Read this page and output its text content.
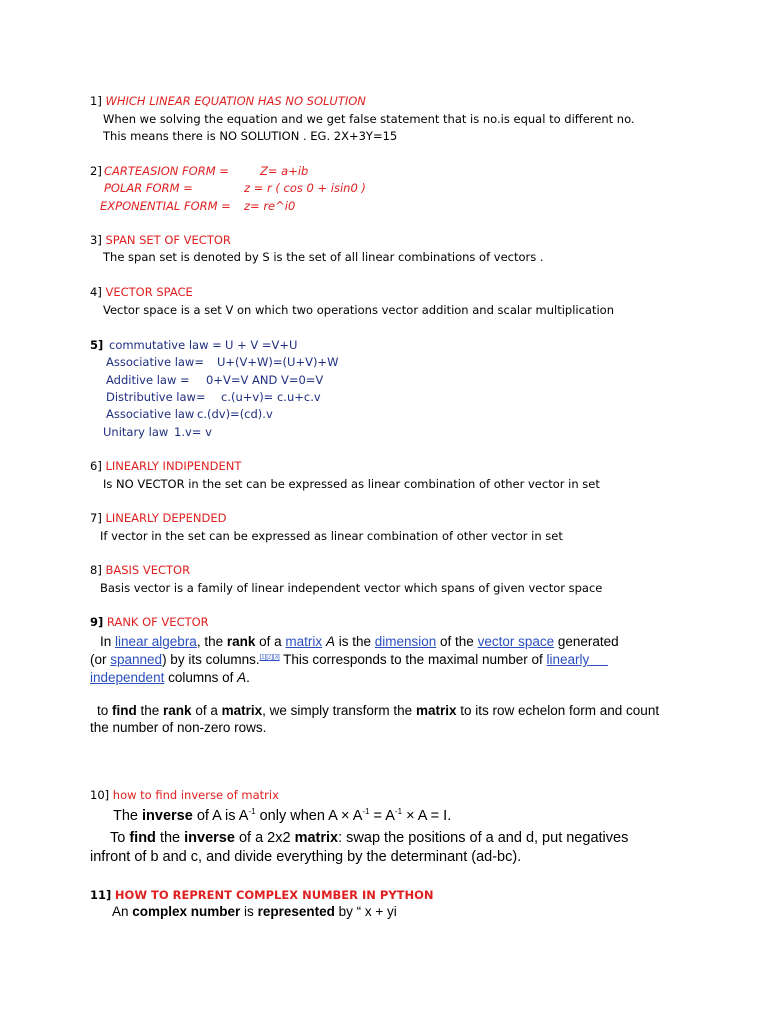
1] WHICH LINEAR EQUATION HAS NO SOLUTION
When we solving the equation and we get false statement that is no.is equal to different no.
This means there is NO SOLUTION . EG. 2X+3Y=15
2] CARTEASION FORM =	Z= a+ib
POLAR FORM =	z = r ( cos 0 + isin0 )
EXPONENTIAL FORM = z= re^i0
3] SPAN SET OF VECTOR
The span set is denoted by S is the set of all linear combinations of vectors .
4] VECTOR SPACE
Vector space is a set V on which two operations vector addition and scalar multiplication
5] commutative law = U + V =V+U
Associative law= U+(V+W)=(U+V)+W
Additive law = 0+V=V AND V=0=V
Distributive law= c.(u+v)= c.u+c.v
Associative law c.(dv)=(cd).v
Unitary law 1.v= v
6] LINEARLY INDIPENDENT
Is NO VECTOR in the set can be expressed as linear combination of other vector in set
7] LINEARLY DEPENDED
If vector in the set can be expressed as linear combination of other vector in set
8] BASIS VECTOR
Basis vector is a family of linear independent vector which spans of given vector space
9] RANK OF VECTOR
In linear algebra, the rank of a matrix A is the dimension of the vector space generated
(or spanned) by its columns.[1][2][3] This corresponds to the maximal number of linearly
independent columns of A.
to find the rank of a matrix, we simply transform the matrix to its row echelon form and count
the number of non-zero rows.
10] how to find inverse of matrix
The inverse of A is $A^{-1}$ only when $A \times A^{-1} = A^{-1} \times A = I$.
To find the inverse of a 2x2 matrix: swap the positions of a and d, put negatives
infront of b and c, and divide everything by the determinant (ad-bc).
11] HOW TO REPRENT COMPLEX NUMBER IN PYTHON
An complex number is represented by “ x + yi
